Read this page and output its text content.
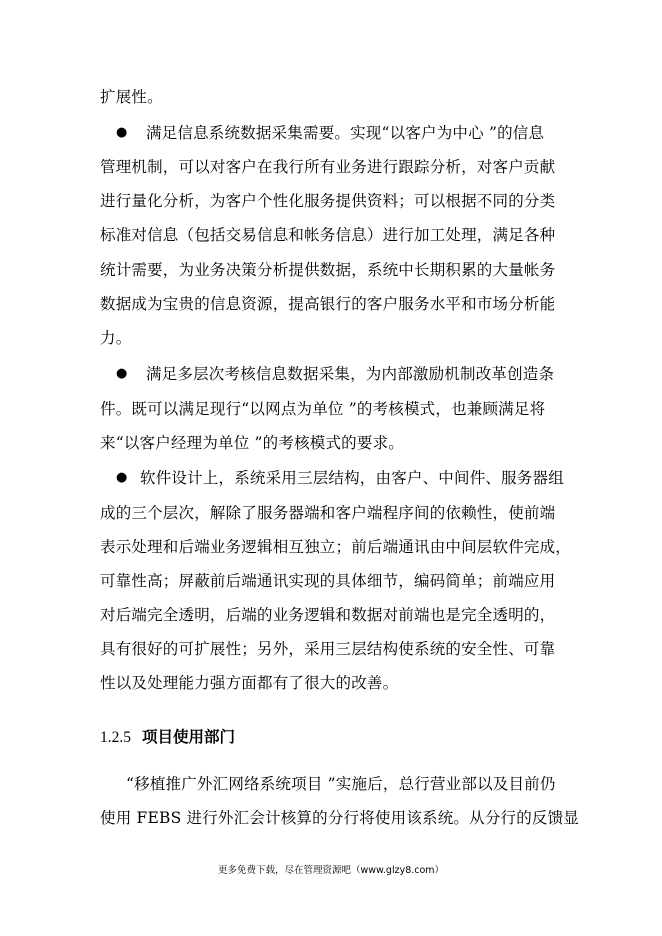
扩展性。
● 满足信息系统数据采集需要。实现“以客户为中心 ”的信息
管理机制，可以对客户在我行所有业务进行跟踪分析，对客户贡献
进行量化分析，为客户个性化服务提供资料；可以根据不同的分类
标准对信息（包括交易信息和帐务信息）进行加工处理，满足各种
统计需要，为业务决策分析提供数据，系统中长期积累的大量帐务
数据成为宝贵的信息资源，提高银行的客户服务水平和市场分析能
力。
● 满足多层次考核信息数据采集，为内部激励机制改革创造条
件。既可以满足现行“以网点为单位 ”的考核模式，也兼顾满足将
来“以客户经理为单位 ”的考核模式的要求。
● 软件设计上，系统采用三层结构，由客户、中间件、服务器组
成的三个层次，解除了服务器端和客户端程序间的依赖性，使前端
表示处理和后端业务逻辑相互独立；前后端通讯由中间层软件完成，
可靠性高；屏蔽前后端通讯实现的具体细节，编码简单；前端应用
对后端完全透明，后端的业务逻辑和数据对前端也是完全透明的，
具有很好的可扩展性；另外，采用三层结构使系统的安全性、可靠
性以及处理能力强方面都有了很大的改善。
1.2.5 项目使用部门
“移植推广外汇网络系统项目 ”实施后，总行营业部以及目前仍
使用 FEBS 进行外汇会计核算的分行将使用该系统。从分行的反馈显
更多免费下载，尽在管理资源吧（www.glzy8.com）
